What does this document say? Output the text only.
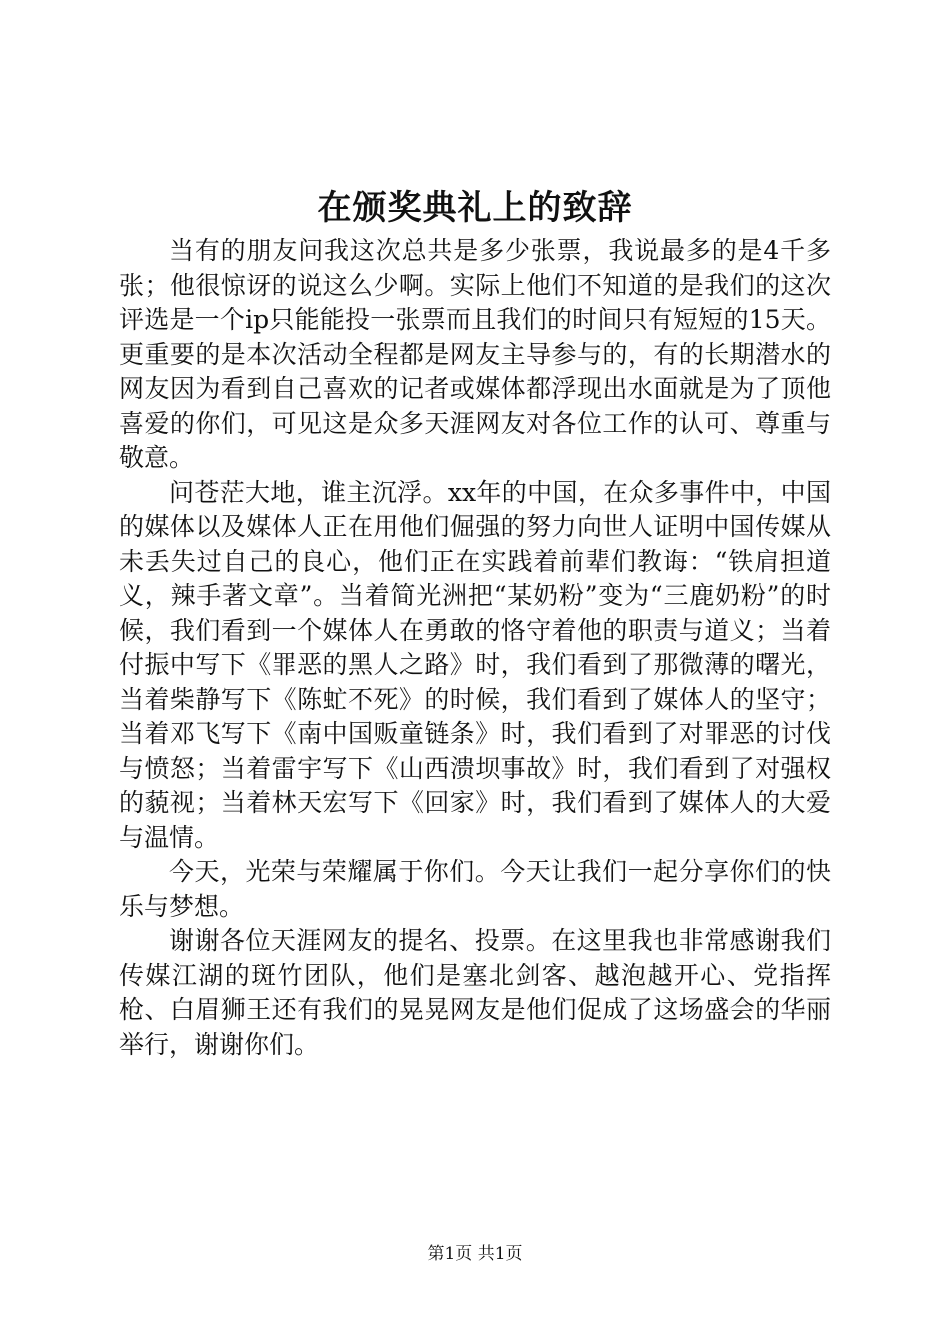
在颁奖典礼上的致辞

当有的朋友问我这次总共是多少张票，我说最多的是4千多张；他很惊讶的说这么少啊。实际上他们不知道的是我们的这次评选是一个ip只能能投一张票而且我们的时间只有短短的15天。更重要的是本次活动全程都是网友主导参与的，有的长期潜水的网友因为看到自己喜欢的记者或媒体都浮现出水面就是为了顶他喜爱的你们，可见这是众多天涯网友对各位工作的认可、尊重与敬意。

问苍茫大地，谁主沉浮。xx年的中国，在众多事件中，中国的媒体以及媒体人正在用他们倔强的努力向世人证明中国传媒从未丢失过自己的良心，他们正在实践着前辈们教诲：“铁肩担道义，辣手著文章”。当着简光洲把“某奶粉”变为“三鹿奶粉”的时候，我们看到一个媒体人在勇敢的恪守着他的职责与道义；当着付振中写下《罪恶的黑人之路》时，我们看到了那微薄的曙光，当着柴静写下《陈虻不死》的时候，我们看到了媒体人的坚守；当着邓飞写下《南中国贩童链条》时，我们看到了对罪恶的讨伐与愤怒；当着雷宇写下《山西溃坝事故》时，我们看到了对强权的藐视；当着林天宏写下《回家》时，我们看到了媒体人的大爱与温情。

今天，光荣与荣耀属于你们。今天让我们一起分享你们的快乐与梦想。

谢谢各位天涯网友的提名、投票。在这里我也非常感谢我们传媒江湖的斑竹团队，他们是塞北剑客、越泡越开心、党指挥枪、白眉狮王还有我们的晃晃网友是他们促成了这场盛会的华丽举行，谢谢你们。

第1页 共1页
